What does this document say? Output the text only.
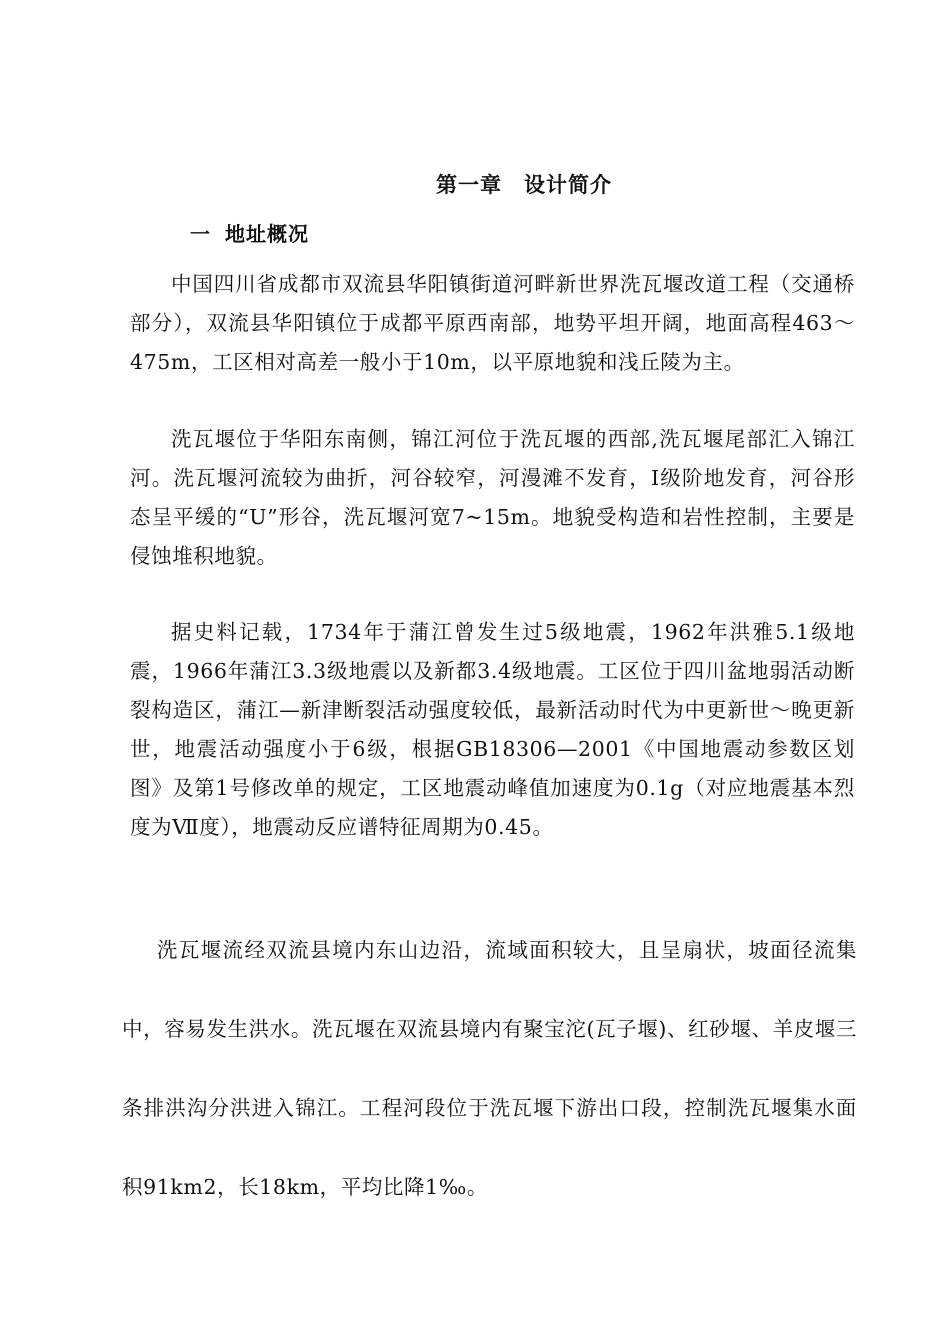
第一章　设计简介
一 地址概况

中国四川省成都市双流县华阳镇街道河畔新世界洗瓦堰改道工程（交通桥部分），双流县华阳镇位于成都平原西南部，地势平坦开阔，地面高程463～475m，工区相对高差一般小于10m，以平原地貌和浅丘陵为主。

洗瓦堰位于华阳东南侧，锦江河位于洗瓦堰的西部,洗瓦堰尾部汇入锦江河。洗瓦堰河流较为曲折，河谷较窄，河漫滩不发育，Ⅰ级阶地发育，河谷形态呈平缓的“U”形谷，洗瓦堰河宽7~15m。地貌受构造和岩性控制，主要是侵蚀堆积地貌。

据史料记载，1734年于蒲江曾发生过5级地震，1962年洪雅5.1级地震，1966年蒲江3.3级地震以及新都3.4级地震。工区位于四川盆地弱活动断裂构造区，蒲江—新津断裂活动强度较低，最新活动时代为中更新世～晚更新世，地震活动强度小于6级，根据GB18306—2001《中国地震动参数区划图》及第1号修改单的规定，工区地震动峰值加速度为0.1g（对应地震基本烈度为Ⅶ度），地震动反应谱特征周期为0.45。

洗瓦堰流经双流县境内东山边沿，流域面积较大，且呈扇状，坡面径流集中，容易发生洪水。洗瓦堰在双流县境内有聚宝沱(瓦子堰)、红砂堰、羊皮堰三条排洪沟分洪进入锦江。工程河段位于洗瓦堰下游出口段，控制洗瓦堰集水面积91km2，长18km，平均比降1‰。
